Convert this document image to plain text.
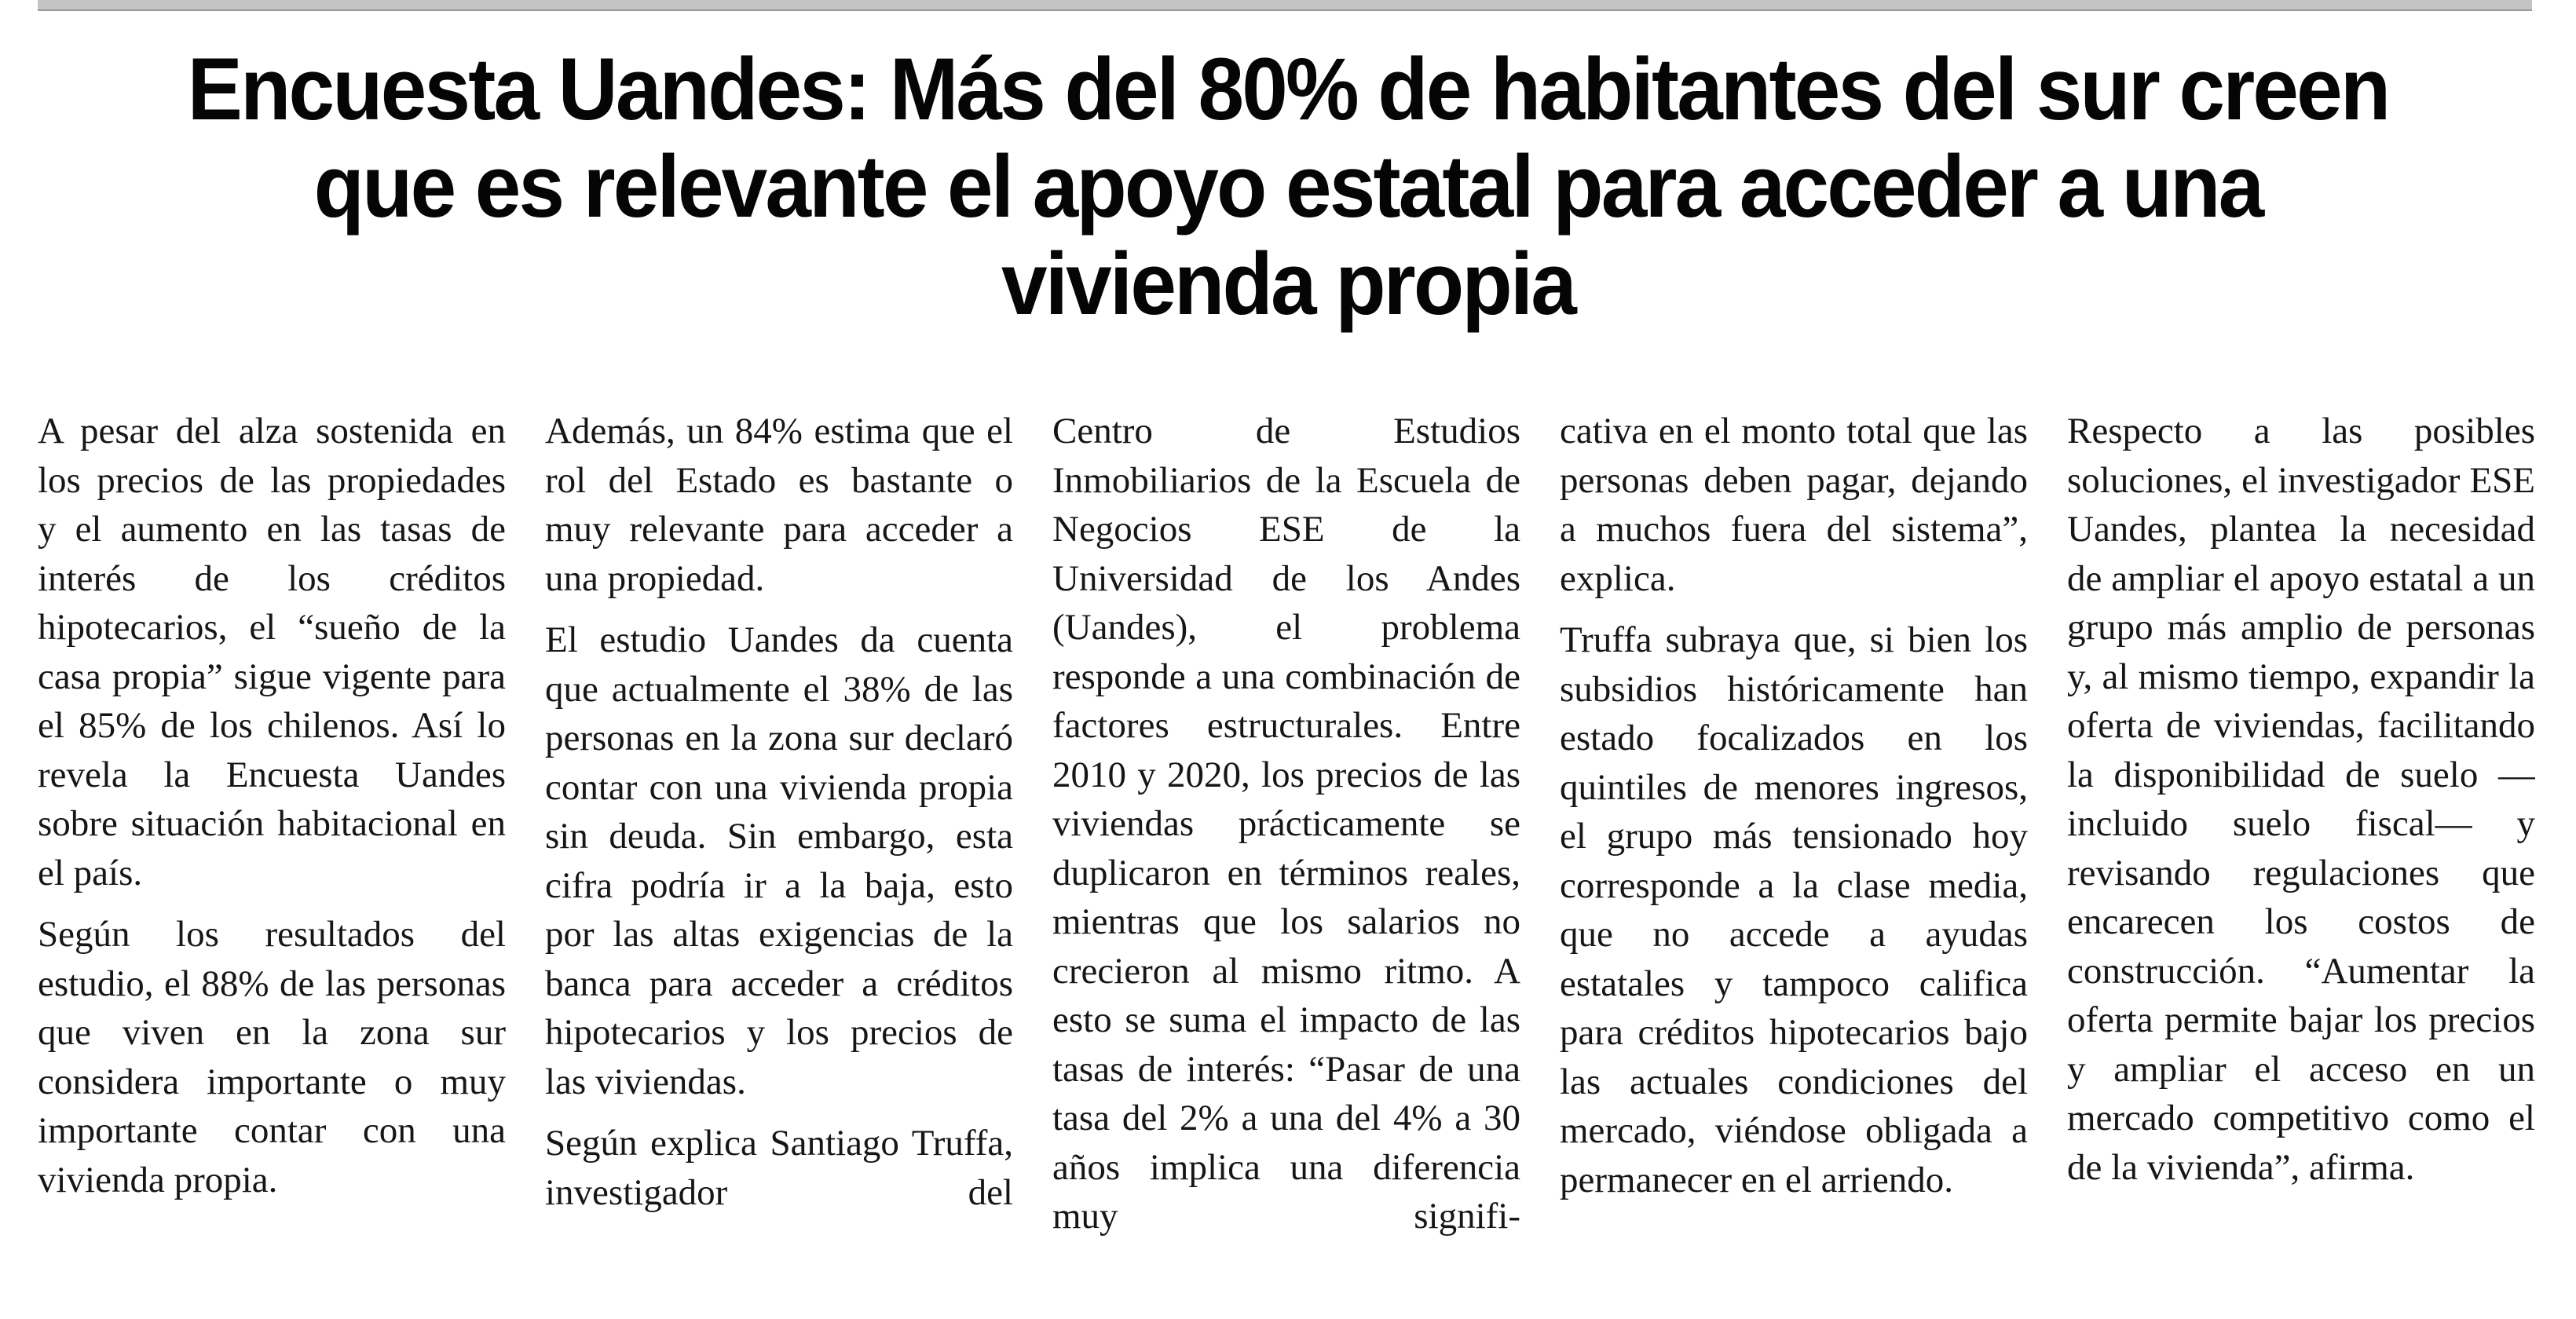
Encuesta Uandes: Más del 80% de habitantes del sur creen
que es relevante el apoyo estatal para acceder a una
vivienda propia

A pesar del alza sostenida en los precios de las propiedades y el aumento en las tasas de interés de los créditos hipotecarios, el “sueño de la casa propia” sigue vigente para el 85% de los chilenos. Así lo revela la Encuesta Uandes sobre situación habitacional en el país.

Según los resultados del estudio, el 88% de las personas que viven en la zona sur considera importante o muy importante contar con una vivienda propia.

Además, un 84% estima que el rol del Estado es bastante o muy relevante para acceder a una propiedad.

El estudio Uandes da cuenta que actualmente el 38% de las personas en la zona sur declaró contar con una vivienda propia sin deuda. Sin embargo, esta cifra podría ir a la baja, esto por las altas exigencias de la banca para acceder a créditos hipotecarios y los precios de las viviendas.

Según explica Santiago Truffa, investigador del

Centro de Estudios Inmobiliarios de la Escuela de Negocios ESE de la Universidad de los Andes (Uandes), el problema responde a una combinación de factores estructurales. Entre 2010 y 2020, los precios de las viviendas prácticamente se duplicaron en términos reales, mientras que los salarios no crecieron al mismo ritmo. A esto se suma el impacto de las tasas de interés: “Pasar de una tasa del 2% a una del 4% a 30 años implica una diferencia muy signifi-

cativa en el monto total que las personas deben pagar, dejando a muchos fuera del sistema”, explica.

Truffa subraya que, si bien los subsidios históricamente han estado focalizados en los quintiles de menores ingresos, el grupo más tensionado hoy corresponde a la clase media, que no accede a ayudas estatales y tampoco califica para créditos hipotecarios bajo las actuales condiciones del mercado, viéndose obligada a permanecer en el arriendo.

Respecto a las posibles soluciones, el investigador ESE Uandes, plantea la necesidad de ampliar el apoyo estatal a un grupo más amplio de personas y, al mismo tiempo, expandir la oferta de viviendas, facilitando la disponibilidad de suelo —incluido suelo fiscal— y revisando regulaciones que encarecen los costos de construcción. “Aumentar la oferta permite bajar los precios y ampliar el acceso en un mercado competitivo como el de la vivienda”, afirma.
